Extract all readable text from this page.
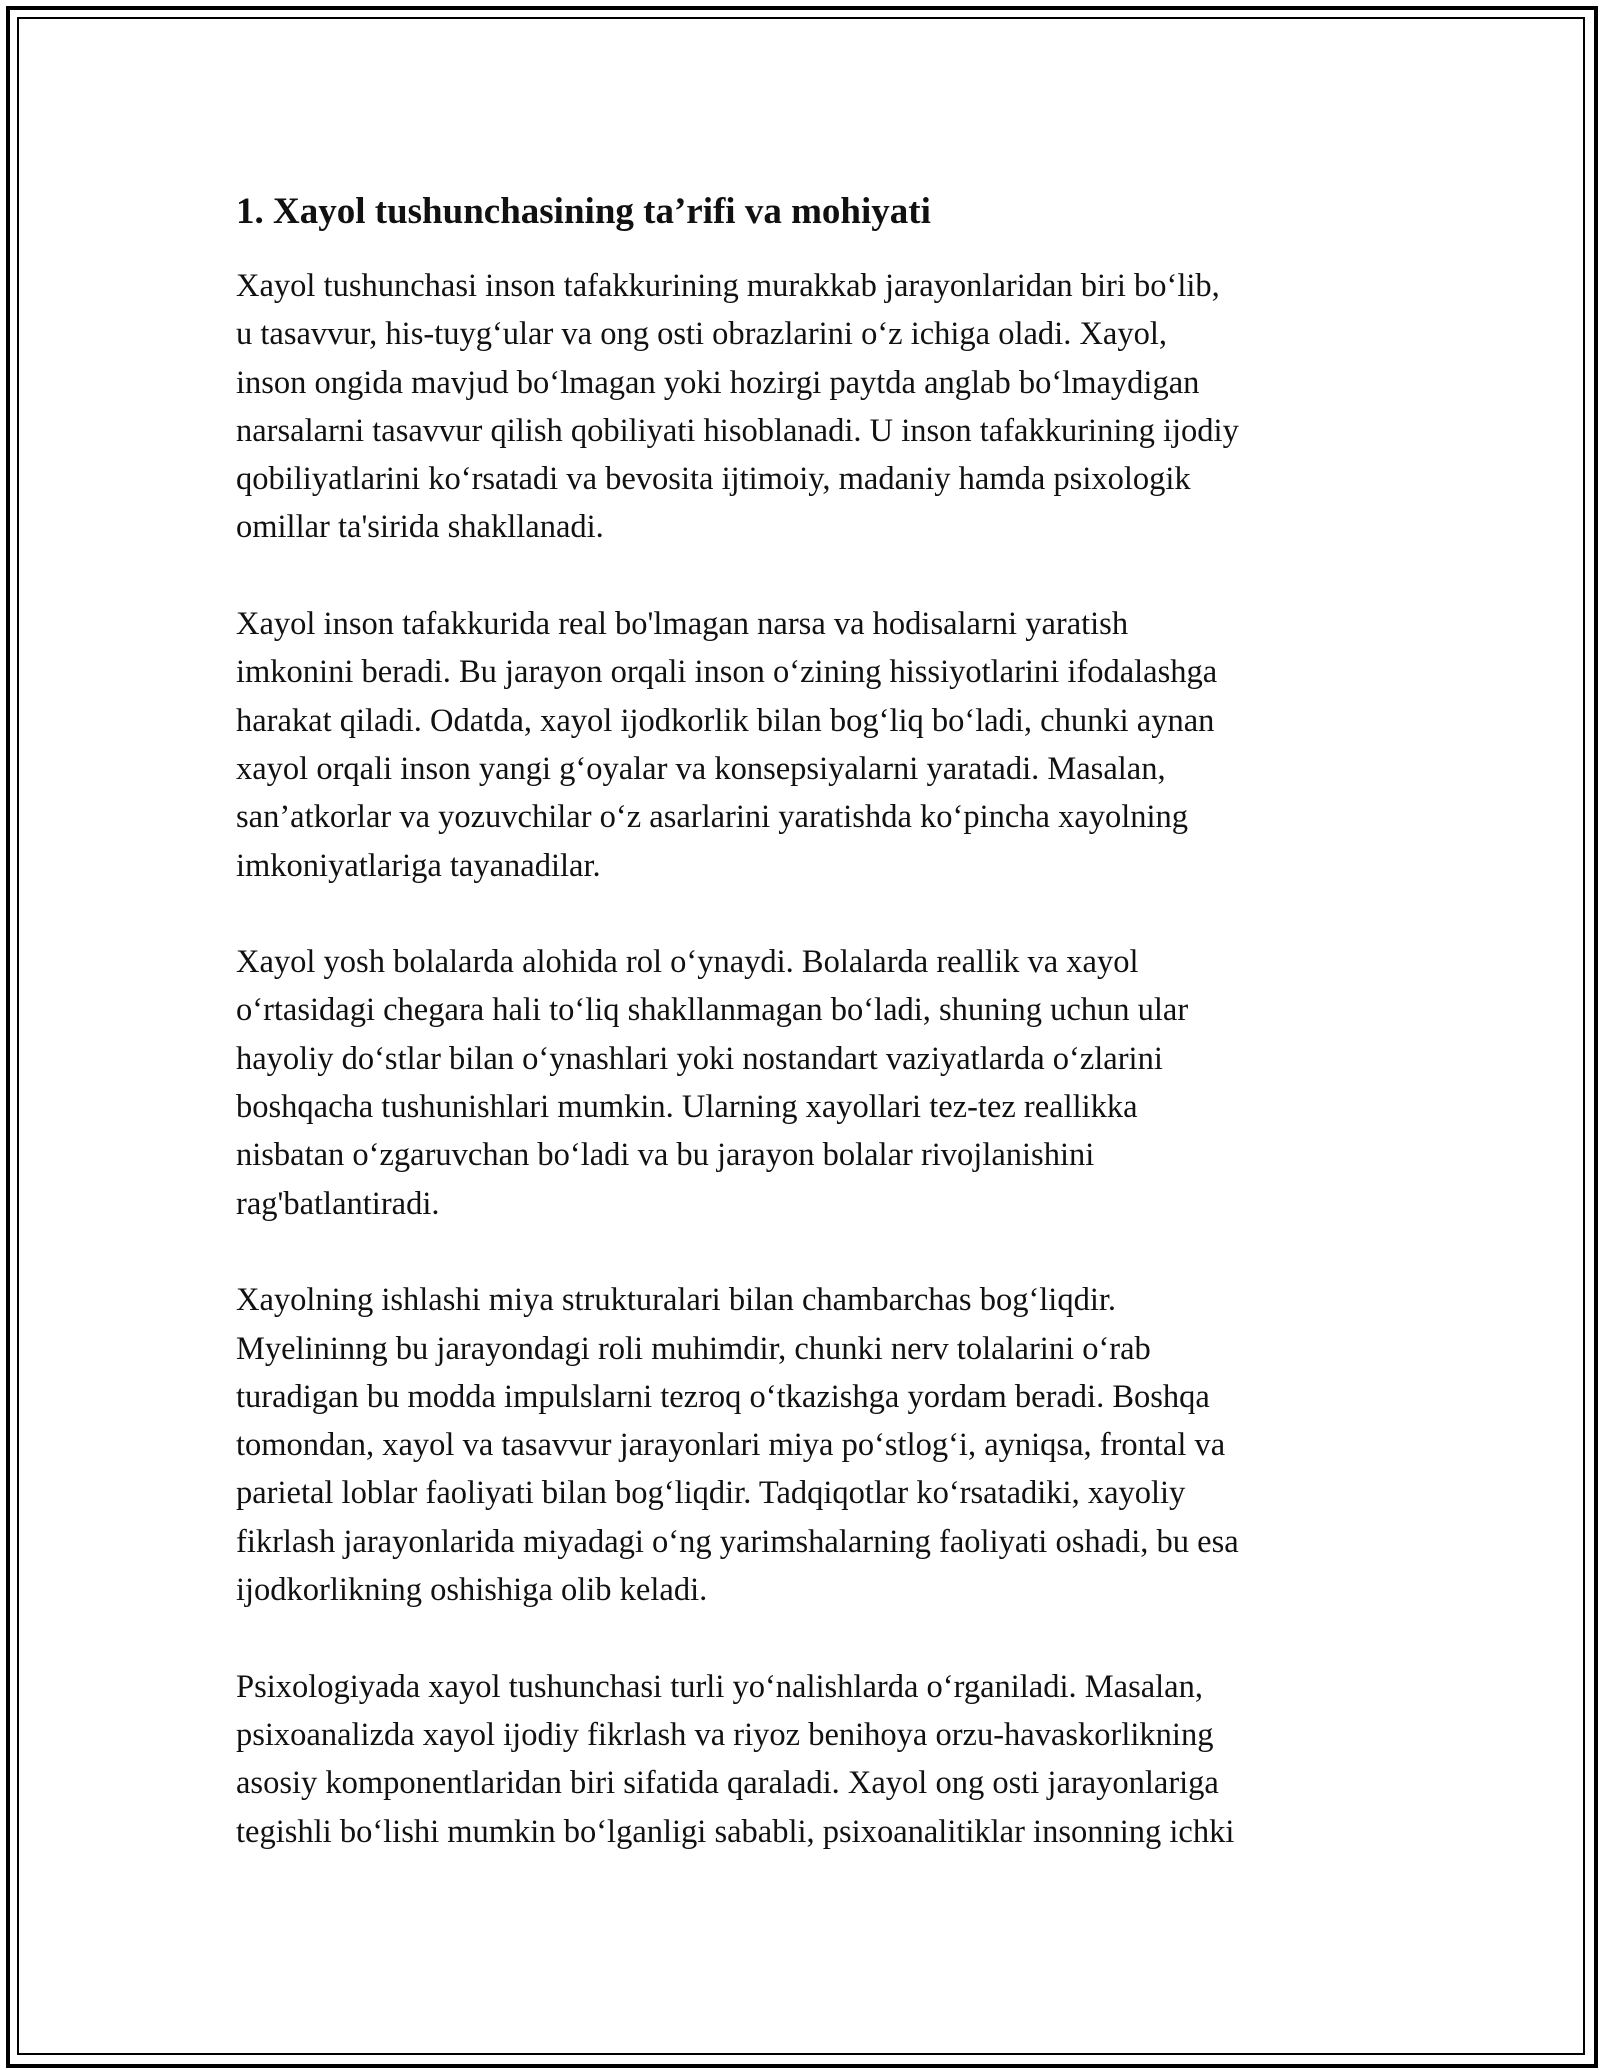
1. Xayol tushunchasining ta’rifi va mohiyati

Xayol tushunchasi inson tafakkurining murakkab jarayonlaridan biri boʻlib,
u tasavvur, his-tuygʻular va ong osti obrazlarini oʻz ichiga oladi. Xayol,
inson ongida mavjud boʻlmagan yoki hozirgi paytda anglab boʻlmaydigan
narsalarni tasavvur qilish qobiliyati hisoblanadi. U inson tafakkurining ijodiy
qobiliyatlarini koʻrsatadi va bevosita ijtimoiy, madaniy hamda psixologik
omillar ta'sirida shakllanadi.

Xayol inson tafakkurida real bo'lmagan narsa va hodisalarni yaratish
imkonini beradi. Bu jarayon orqali inson oʻzining hissiyotlarini ifodalashga
harakat qiladi. Odatda, xayol ijodkorlik bilan bogʻliq boʻladi, chunki aynan
xayol orqali inson yangi gʻoyalar va konsepsiyalarni yaratadi. Masalan,
san’atkorlar va yozuvchilar oʻz asarlarini yaratishda koʻpincha xayolning
imkoniyatlariga tayanadilar.

Xayol yosh bolalarda alohida rol oʻynaydi. Bolalarda reallik va xayol
oʻrtasidagi chegara hali toʻliq shakllanmagan boʻladi, shuning uchun ular
hayoliy doʻstlar bilan oʻynashlari yoki nostandart vaziyatlarda oʻzlarini
boshqacha tushunishlari mumkin. Ularning xayollari tez-tez reallikka
nisbatan oʻzgaruvchan boʻladi va bu jarayon bolalar rivojlanishini
rag'batlantiradi.

Xayolning ishlashi miya strukturalari bilan chambarchas bogʻliqdir.
Myelininng bu jarayondagi roli muhimdir, chunki nerv tolalarini oʻrab
turadigan bu modda impulslarni tezroq oʻtkazishga yordam beradi. Boshqa
tomondan, xayol va tasavvur jarayonlari miya poʻstlogʻi, ayniqsa, frontal va
parietal loblar faoliyati bilan bogʻliqdir. Tadqiqotlar koʻrsatadiki, xayoliy
fikrlash jarayonlarida miyadagi oʻng yarimshalarning faoliyati oshadi, bu esa
ijodkorlikning oshishiga olib keladi.

Psixologiyada xayol tushunchasi turli yoʻnalishlarda oʻrganiladi. Masalan,
psixoanalizda xayol ijodiy fikrlash va riyoz benihoya orzu-havaskorlikning
asosiy komponentlaridan biri sifatida qaraladi. Xayol ong osti jarayonlariga
tegishli boʻlishi mumkin boʻlganligi sababli, psixoanalitiklar insonning ichki
